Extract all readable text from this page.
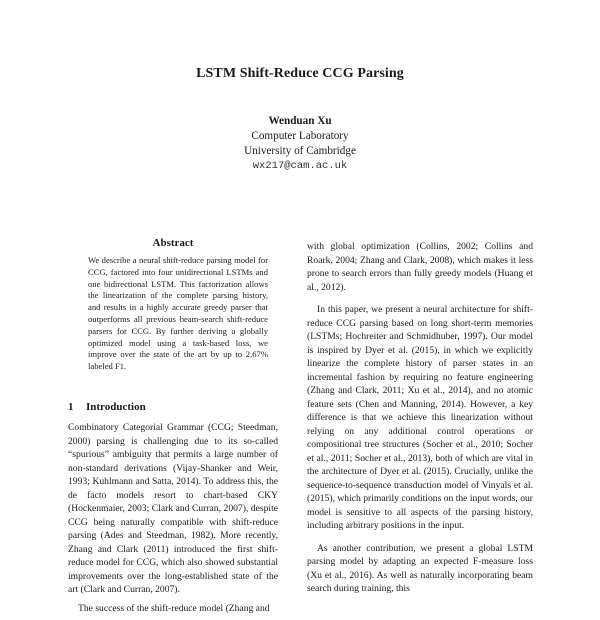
LSTM Shift-Reduce CCG Parsing
Wenduan Xu
Computer Laboratory
University of Cambridge
wx217@cam.ac.uk
Abstract
We describe a neural shift-reduce parsing model for CCG, factored into four unidirectional LSTMs and one bidirectional LSTM. This factorization allows the linearization of the complete parsing history, and results in a highly accurate greedy parser that outperforms all previous beam-search shift-reduce parsers for CCG. By further deriving a globally optimized model using a task-based loss, we improve over the state of the art by up to 2.67% labeled F1.
1 Introduction

Combinatory Categorial Grammar (CCG; Steedman, 2000) parsing is challenging due to its so-called “spurious” ambiguity that permits a large number of non-standard derivations (Vijay-Shanker and Weir, 1993; Kuhlmann and Satta, 2014). To address this, the de facto models resort to chart-based CKY (Hockenmaier, 2003; Clark and Curran, 2007), despite CCG being naturally compatible with shift-reduce parsing (Ades and Steedman, 1982). More recently, Zhang and Clark (2011) introduced the first shift-reduce model for CCG, which also showed substantial improvements over the long-established state of the art (Clark and Curran, 2007).

The success of the shift-reduce model (Zhang and

with global optimization (Collins, 2002; Collins and Roark, 2004; Zhang and Clark, 2008), which makes it less prone to search errors than fully greedy models (Huang et al., 2012).

In this paper, we present a neural architecture for shift-reduce CCG parsing based on long short-term memories (LSTMs; Hochreiter and Schmidhuber, 1997). Our model is inspired by Dyer et al. (2015), in which we explicitly linearize the complete history of parser states in an incremental fashion by requiring no feature engineering (Zhang and Clark, 2011; Xu et al., 2014), and no atomic feature sets (Chen and Manning, 2014). However, a key difference is that we achieve this linearization without relying on any additional control operations or compositional tree structures (Socher et al., 2010; Socher et al., 2011; Socher et al., 2013), both of which are vital in the architecture of Dyer et al. (2015). Crucially, unlike the sequence-to-sequence transduction model of Vinyals et al. (2015), which primarily conditions on the input words, our model is sensitive to all aspects of the parsing history, including arbitrary positions in the input.

As another contribution, we present a global LSTM parsing model by adapting an expected F-measure loss (Xu et al., 2016). As well as naturally incorporating beam search during training, this
